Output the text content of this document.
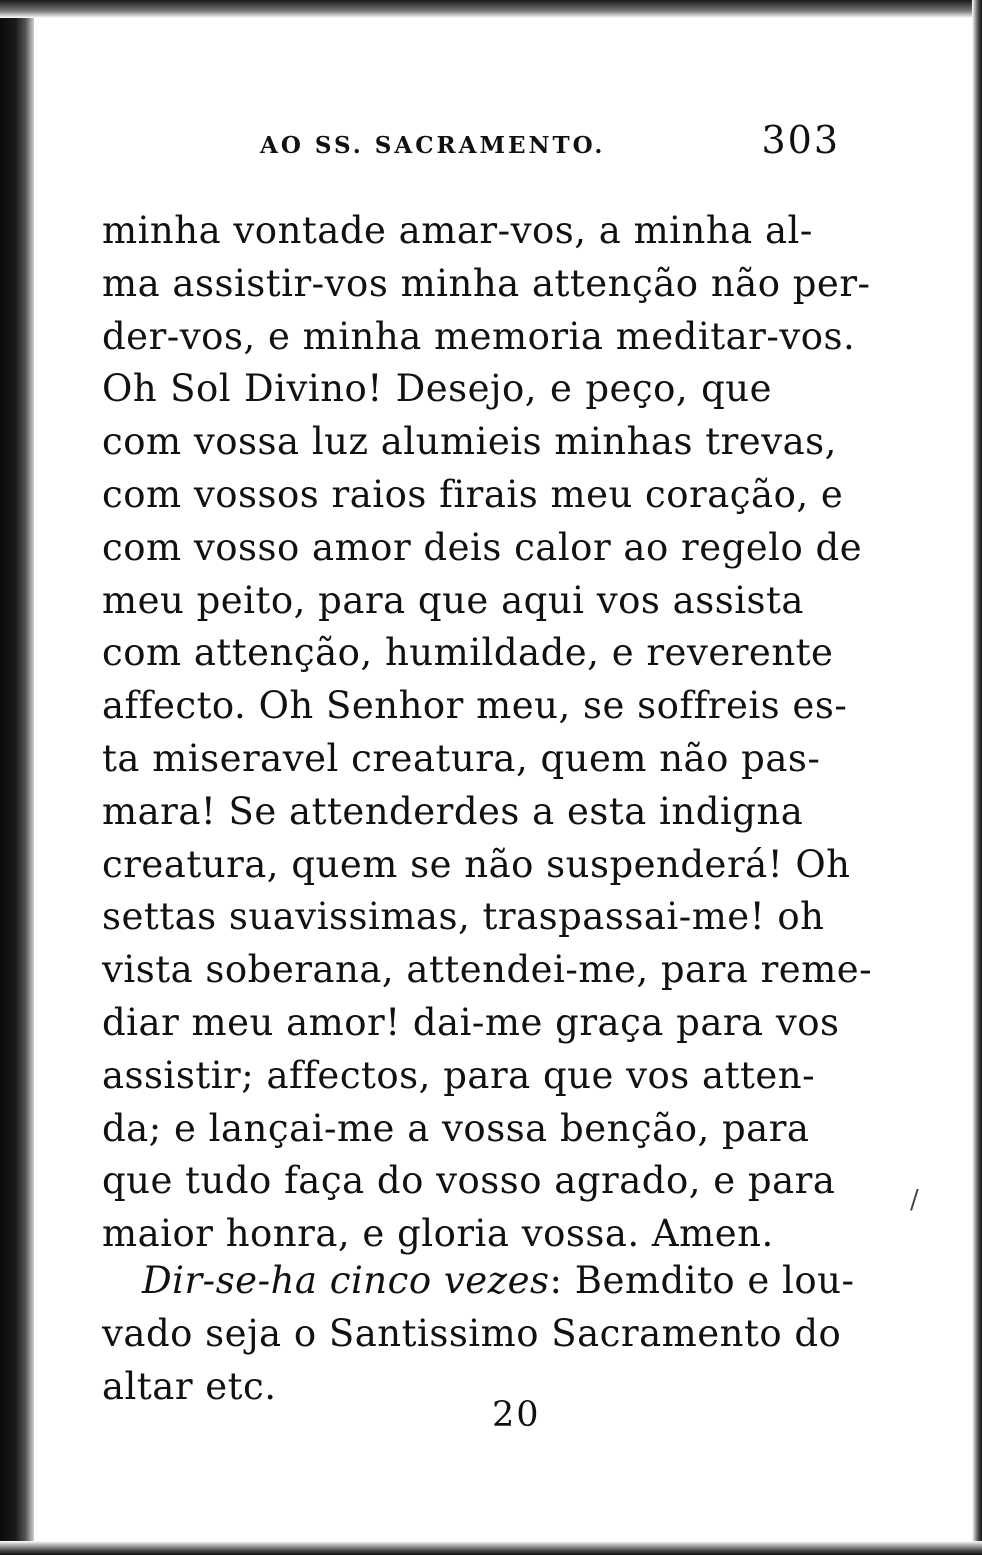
AO SS. SACRAMENTO.	303
minha vontade amar-vos, a minha al-
ma assistir-vos minha attenção não per-
der-vos, e minha memoria meditar-vos.
Oh Sol Divino! Desejo, e peço, que
com vossa luz alumieis minhas trevas,
com vossos raios firais meu coração, e
com vosso amor deis calor ao regelo de
meu peito, para que aqui vos assista
com attenção, humildade, e reverente
affecto. Oh Senhor meu, se soffreis es-
ta miseravel creatura, quem não pas-
mara! Se attenderdes a esta indigna
creatura, quem se não suspenderá! Oh
settas suavissimas, traspassai-me! oh
vista soberana, attendei-me, para reme-
diar meu amor! dai-me graça para vos
assistir; affectos, para que vos atten-
da; e lançai-me a vossa benção, para
que tudo faça do vosso agrado, e para
maior honra, e gloria vossa. Amen.
Dir-se-ha cinco vezes: Bemdito e lou-
vado seja o Santissimo Sacramento do
altar etc.
20
/
